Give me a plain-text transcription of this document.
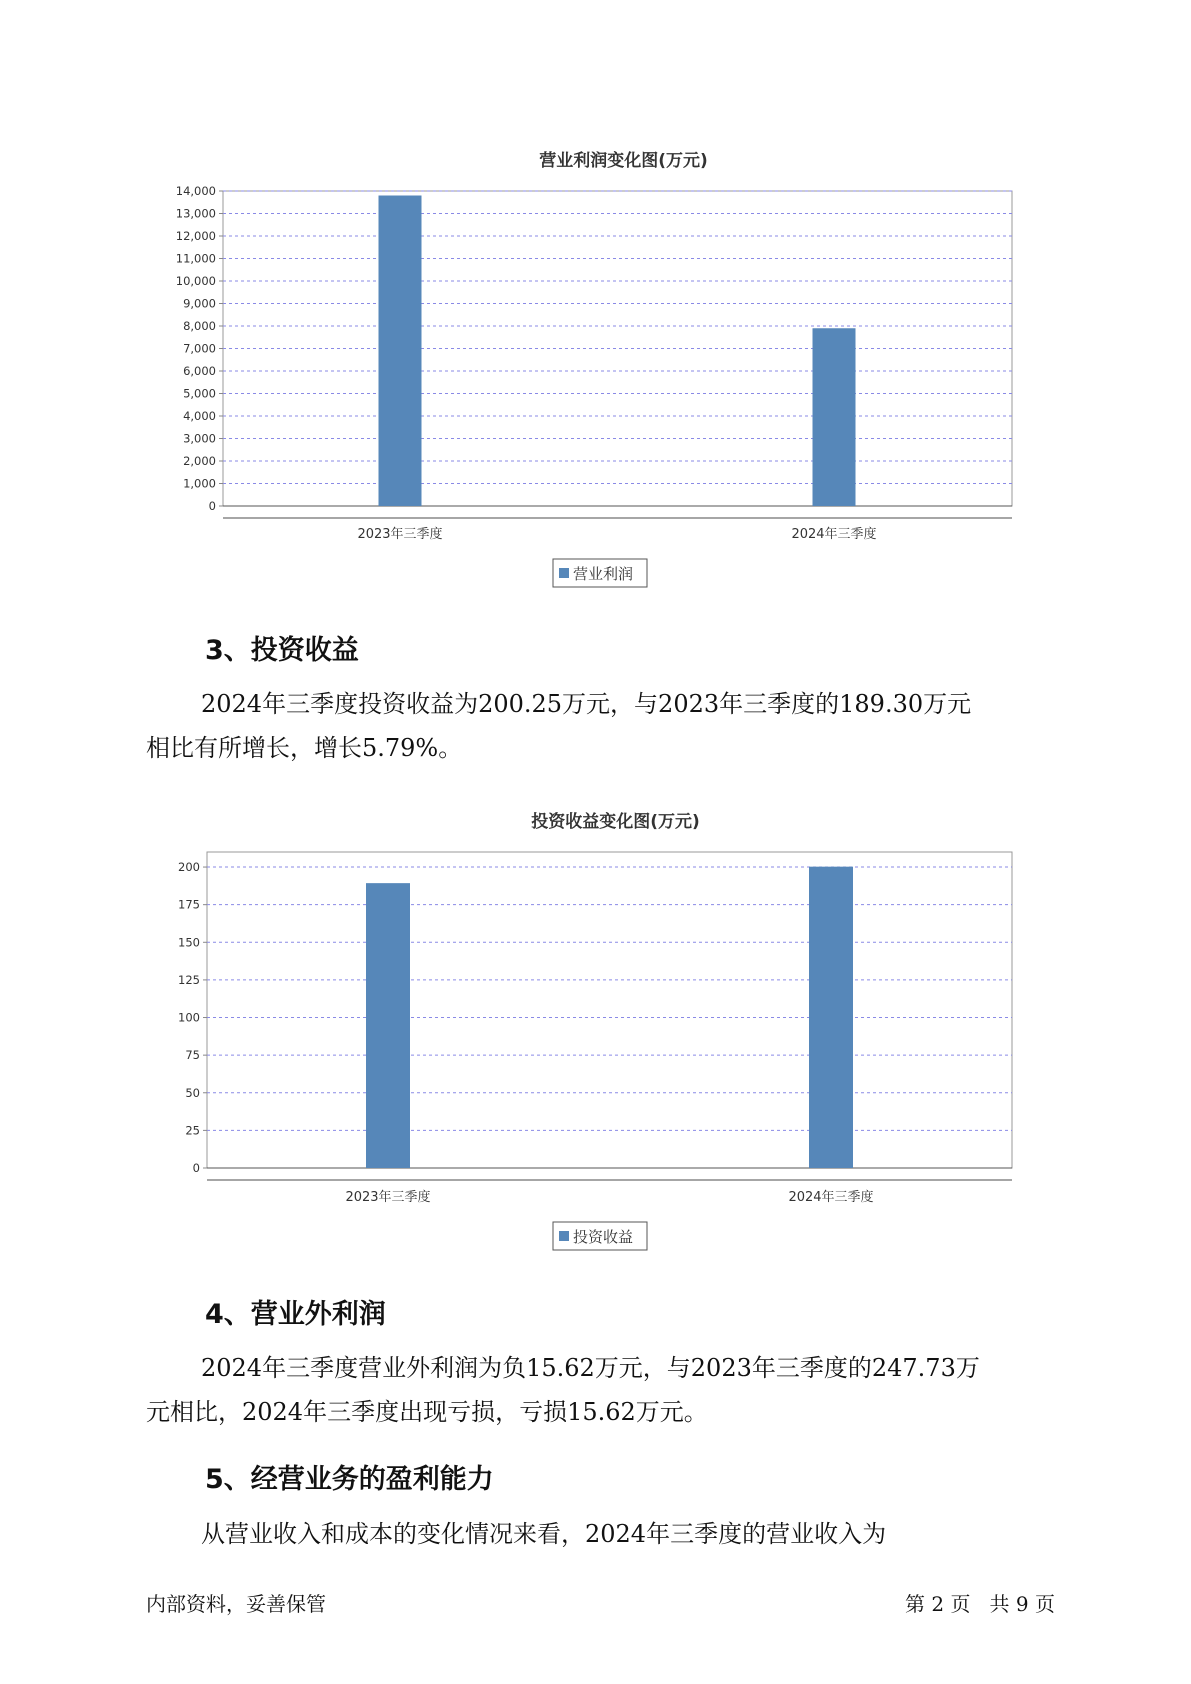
营业利润变化图(万元)
0
1,000
2,000
3,000
4,000
5,000
6,000
7,000
8,000
9,000
10,000
11,000
12,000
13,000
14,000
2023年三季度	2024年三季度
营业利润
投资收益变化图(万元)
0
25
50
75
100
125
150
175
200
2023年三季度	2024年三季度
投资收益
3、投资收益

2024年三季度投资收益为200.25万元，与2023年三季度的189.30万元

相比有所增长，增长5.79%。

4、营业外利润

2024年三季度营业外利润为负15.62万元，与2023年三季度的247.73万

元相比，2024年三季度出现亏损，亏损15.62万元。

5、经营业务的盈利能力

从营业收入和成本的变化情况来看，2024年三季度的营业收入为

内部资料，妥善保管	第 2 页   共 9 页
